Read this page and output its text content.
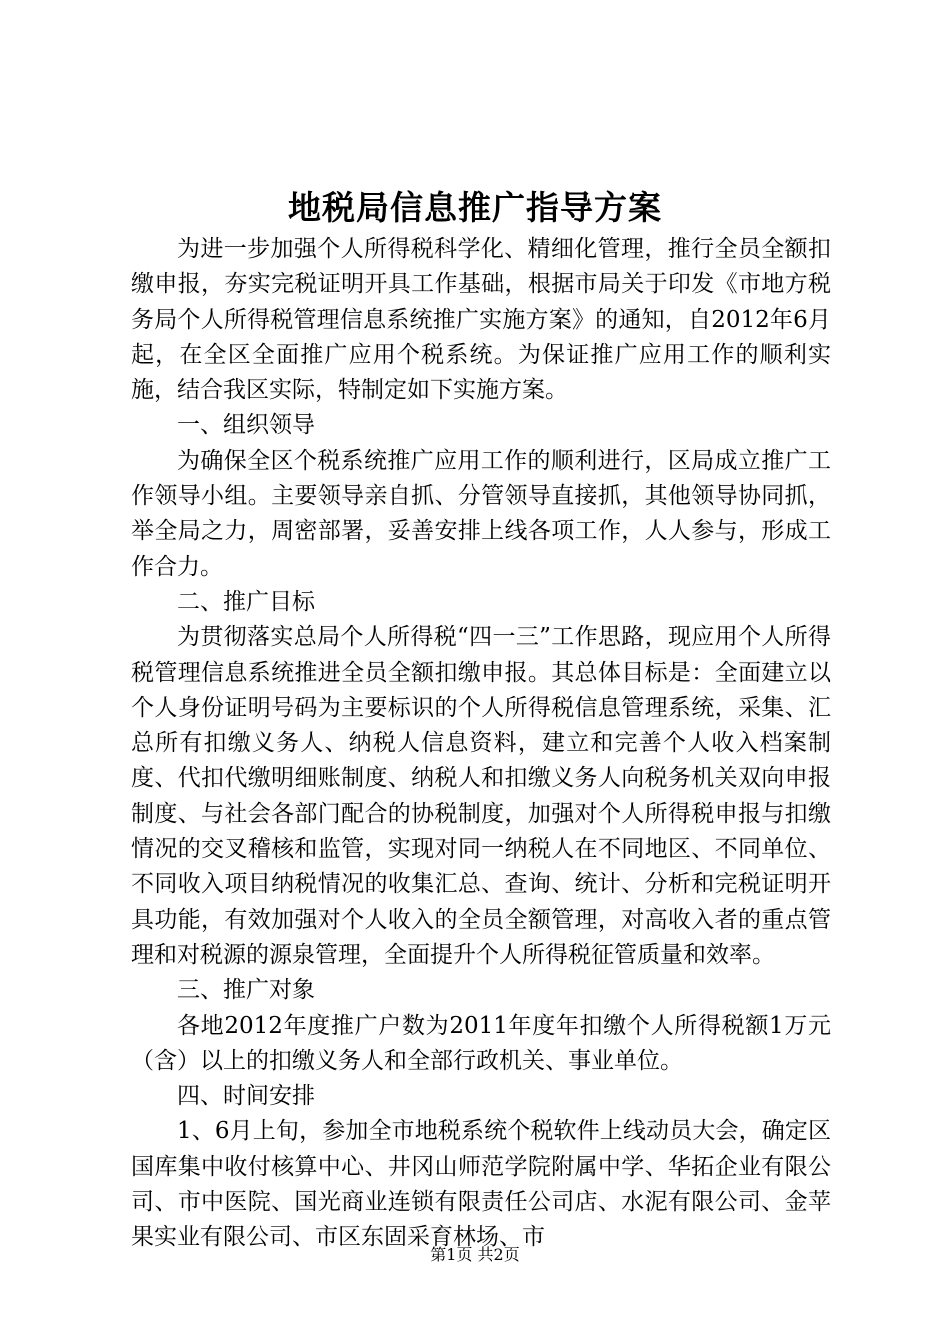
地税局信息推广指导方案

为进一步加强个人所得税科学化、精细化管理，推行全员全额扣缴申报，夯实完税证明开具工作基础，根据市局关于印发《市地方税务局个人所得税管理信息系统推广实施方案》的通知，自2012年6月起，在全区全面推广应用个税系统。为保证推广应用工作的顺利实施，结合我区实际，特制定如下实施方案。

一、组织领导

为确保全区个税系统推广应用工作的顺利进行，区局成立推广工作领导小组。主要领导亲自抓、分管领导直接抓，其他领导协同抓，举全局之力，周密部署，妥善安排上线各项工作，人人参与，形成工作合力。

二、推广目标

为贯彻落实总局个人所得税“四一三”工作思路，现应用个人所得税管理信息系统推进全员全额扣缴申报。其总体目标是：全面建立以个人身份证明号码为主要标识的个人所得税信息管理系统，采集、汇总所有扣缴义务人、纳税人信息资料，建立和完善个人收入档案制度、代扣代缴明细账制度、纳税人和扣缴义务人向税务机关双向申报制度、与社会各部门配合的协税制度，加强对个人所得税申报与扣缴情况的交叉稽核和监管，实现对同一纳税人在不同地区、不同单位、不同收入项目纳税情况的收集汇总、查询、统计、分析和完税证明开具功能，有效加强对个人收入的全员全额管理，对高收入者的重点管理和对税源的源泉管理，全面提升个人所得税征管质量和效率。

三、推广对象

各地2012年度推广户数为2011年度年扣缴个人所得税额1万元（含）以上的扣缴义务人和全部行政机关、事业单位。

四、时间安排

1、6月上旬，参加全市地税系统个税软件上线动员大会，确定区国库集中收付核算中心、井冈山师范学院附属中学、华拓企业有限公司、市中医院、国光商业连锁有限责任公司店、水泥有限公司、金苹果实业有限公司、市区东固采育林场、市

第1页 共2页
